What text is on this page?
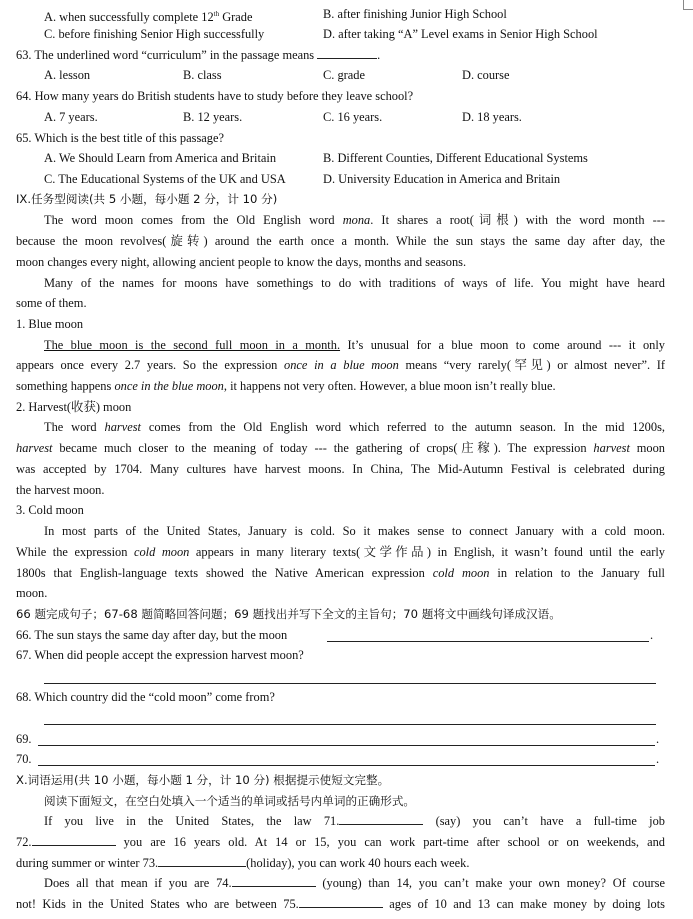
A. when successfully complete 12th Grade	B. after finishing Junior High School
C. before finishing Senior High successfully	D. after taking “A” Level exams in Senior High School
63. The underlined word “curriculum” in the passage means	.
A. lesson	B. class	C. grade	D. course
64. How many years do British students have to study before they leave school?
A. 7 years.	B. 12 years.	C. 16 years.	D. 18 years.
65. Which is the best title of this passage?
A. We Should Learn from America and Britain	B. Different Counties, Different Educational Systems
C. The Educational Systems of the UK and USA	D. University Education in America and Britain
IX.任务型阅读(共 5 小题，每小题 2 分，计 10 分)
The word moon comes from the Old English word mona. It shares a root(词根) with the word month ---
because the moon revolves(旋转) around the earth once a month. While the sun stays the same day after day, the
moon changes every night, allowing ancient people to know the days, months and seasons.
Many of the names for moons have somethings to do with traditions of ways of life. You might have heard
some of them.
1. Blue moon
The blue moon is the second full moon in a month. It’s unusual for a blue moon to come around --- it only
appears once every 2.7 years. So the expression once in a blue moon means “very rarely(罕见) or almost never”. If
something happens once in the blue moon, it happens not very often. However, a blue moon isn’t really blue.
2. Harvest(收获) moon
The word harvest comes from the Old English word which referred to the autumn season. In the mid 1200s,
harvest became much closer to the meaning of today --- the gathering of crops(庄稼). The expression harvest moon
was accepted by 1704. Many cultures have harvest moons. In China, The Mid-Autumn Festival is celebrated during
the harvest moon.
3. Cold moon
In most parts of the United States, January is cold. So it makes sense to connect January with a cold moon.
While the expression cold moon appears in many literary texts(文学作品) in English, it wasn’t found until the early
1800s that English-language texts showed the Native American expression cold moon in relation to the January full
moon.
66 题完成句子；67-68 题简略回答问题；69 题找出并写下全文的主旨句；70 题将文中画线句译成汉语。
66. The sun stays the same day after day, but the moon	.
67. When did people accept the expression harvest moon?
68. Which country did the “cold moon” come from?
69.	.
70.	.
X.词语运用(共 10 小题，每小题 1 分，计 10 分) 根据提示使短文完整。
阅读下面短文，在空白处填入一个适当的单词或括号内单词的正确形式。
If you live in the United States, the law 71.	(say) you can’t have a full-time job
72.	you are 16 years old. At 14 or 15, you can work part-time after school or on weekends, and
during summer or winter 73.	(holiday), you can work 40 hours each week.
Does all that mean if you are 74.	(young) than 14, you can’t make your own money? Of course
not! Kids in the United States who are between 75.	ages of 10 and 13 can make money by doing lots
